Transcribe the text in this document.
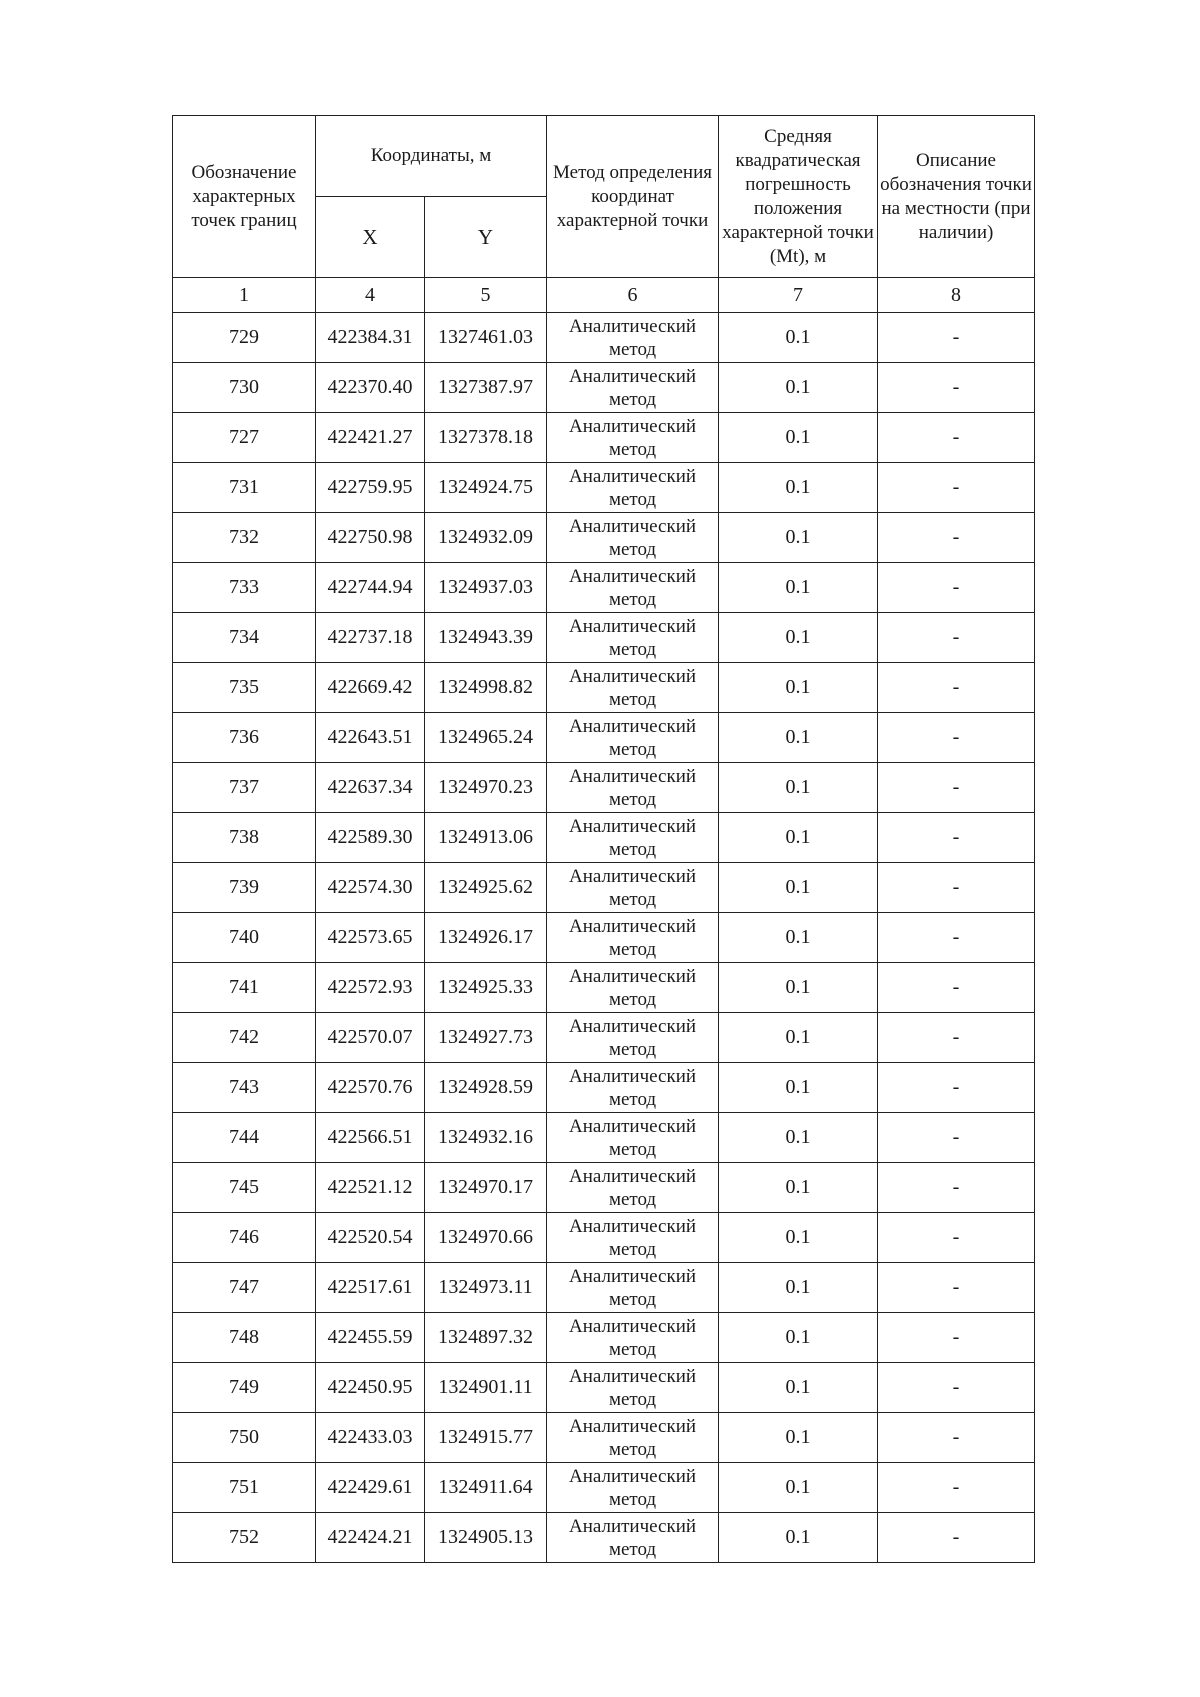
Обозначение характерных точек границ	Координаты, м		Метод определения координат характерной точки	Средняя квадратическая погрешность положения характерной точки (Mt), м	Описание обозначения точки на местности (при наличии)
	X	Y			
1	4	5	6	7	8
729	422384.31	1327461.03	Аналитический метод	0.1	-
730	422370.40	1327387.97	Аналитический метод	0.1	-
727	422421.27	1327378.18	Аналитический метод	0.1	-
731	422759.95	1324924.75	Аналитический метод	0.1	-
732	422750.98	1324932.09	Аналитический метод	0.1	-
733	422744.94	1324937.03	Аналитический метод	0.1	-
734	422737.18	1324943.39	Аналитический метод	0.1	-
735	422669.42	1324998.82	Аналитический метод	0.1	-
736	422643.51	1324965.24	Аналитический метод	0.1	-
737	422637.34	1324970.23	Аналитический метод	0.1	-
738	422589.30	1324913.06	Аналитический метод	0.1	-
739	422574.30	1324925.62	Аналитический метод	0.1	-
740	422573.65	1324926.17	Аналитический метод	0.1	-
741	422572.93	1324925.33	Аналитический метод	0.1	-
742	422570.07	1324927.73	Аналитический метод	0.1	-
743	422570.76	1324928.59	Аналитический метод	0.1	-
744	422566.51	1324932.16	Аналитический метод	0.1	-
745	422521.12	1324970.17	Аналитический метод	0.1	-
746	422520.54	1324970.66	Аналитический метод	0.1	-
747	422517.61	1324973.11	Аналитический метод	0.1	-
748	422455.59	1324897.32	Аналитический метод	0.1	-
749	422450.95	1324901.11	Аналитический метод	0.1	-
750	422433.03	1324915.77	Аналитический метод	0.1	-
751	422429.61	1324911.64	Аналитический метод	0.1	-
752	422424.21	1324905.13	Аналитический метод	0.1	-
